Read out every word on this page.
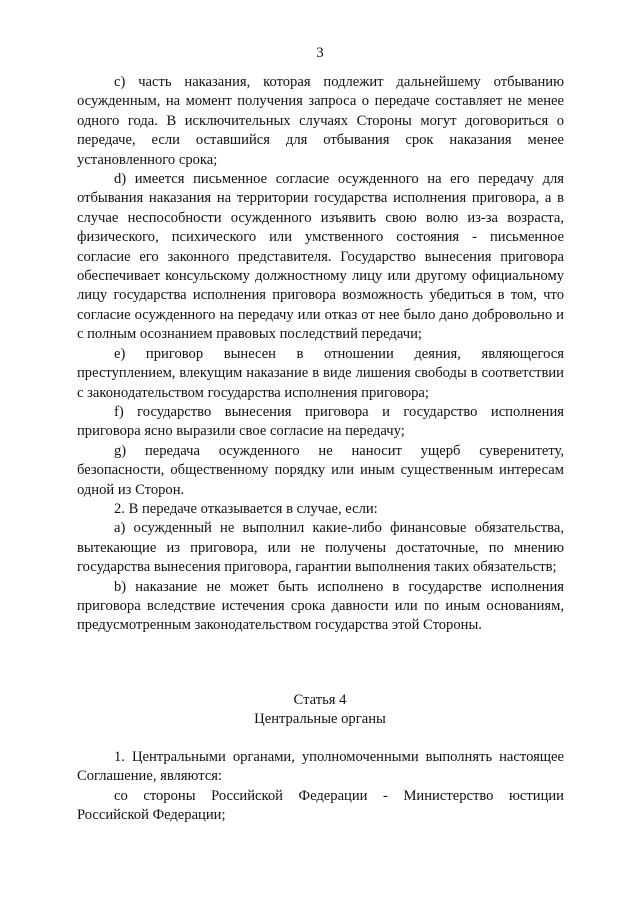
3

c) часть наказания, которая подлежит дальнейшему отбыванию осужденным, на момент получения запроса о передаче составляет не менее одного года. В исключительных случаях Стороны могут договориться о передаче, если оставшийся для отбывания срок наказания менее установленного срока;

d) имеется письменное согласие осужденного на его передачу для отбывания наказания на территории государства исполнения приговора, а в случае неспособности осужденного изъявить свою волю из-за возраста, физического, психического или умственного состояния - письменное согласие его законного представителя. Государство вынесения приговора обеспечивает консульскому должностному лицу или другому официальному лицу государства исполнения приговора возможность убедиться в том, что согласие осужденного на передачу или отказ от нее было дано добровольно и с полным осознанием правовых последствий передачи;

e) приговор вынесен в отношении деяния, являющегося преступлением, влекущим наказание в виде лишения свободы в соответствии с законодательством государства исполнения приговора;

f) государство вынесения приговора и государство исполнения приговора ясно выразили свое согласие на передачу;

g) передача осужденного не наносит ущерб суверенитету, безопасности, общественному порядку или иным существенным интересам одной из Сторон.

2. В передаче отказывается в случае, если:

a) осужденный не выполнил какие-либо финансовые обязательства, вытекающие из приговора, или не получены достаточные, по мнению государства вынесения приговора, гарантии выполнения таких обязательств;

b) наказание не может быть исполнено в государстве исполнения приговора вследствие истечения срока давности или по иным основаниям, предусмотренным законодательством государства этой Стороны.

Статья 4

Центральные органы

1. Центральными органами, уполномоченными выполнять настоящее Соглашение, являются:

со стороны Российской Федерации - Министерство юстиции Российской Федерации;
